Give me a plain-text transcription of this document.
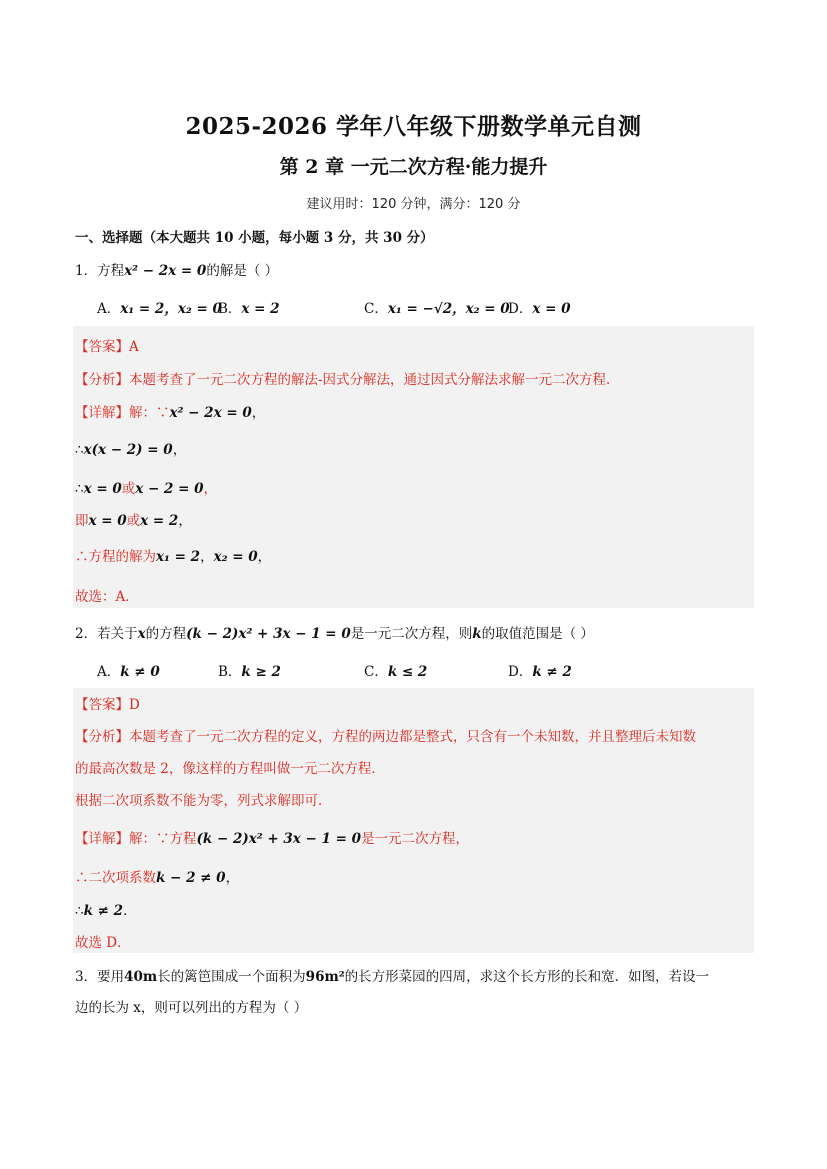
2025-2026 学年八年级下册数学单元自测
第 2 章 一元二次方程·能力提升
建议用时：120 分钟，满分：120 分
一、选择题（本大题共 10 小题，每小题 3 分，共 30 分）
1．方程x² − 2x = 0的解是（ ）
A．x₁ = 2，x₂ = 0
B．x = 2	C．x₁ = −√2，x₂ = 0
D．x = 0
【答案】A
【分析】本题考查了一元二次方程的解法-因式分解法，通过因式分解法求解一元二次方程．
【详解】解：∵x² − 2x = 0，
∴x(x − 2) = 0，
∴x = 0或x − 2 = 0，
即x = 0或x = 2，
∴方程的解为x₁ = 2，x₂ = 0，
故选：A．
2．若关于x的方程(k − 2)x² + 3x − 1 = 0是一元二次方程，则k的取值范围是（ ）
A．k ≠ 0	B．k ≥ 2	C．k ≤ 2	D．k ≠ 2
【答案】D
【分析】本题考查了一元二次方程的定义，方程的两边都是整式，只含有一个未知数，并且整理后未知数
的最高次数是 2，像这样的方程叫做一元二次方程．
根据二次项系数不能为零，列式求解即可．
【详解】解：∵方程(k − 2)x² + 3x − 1 = 0是一元二次方程，
∴二次项系数k − 2 ≠ 0，
∴k ≠ 2．
故选 D．
3．要用40m长的篱笆围成一个面积为96m²的长方形菜园的四周，求这个长方形的长和宽．如图，若设一
边的长为 x，则可以列出的方程为（ ）
